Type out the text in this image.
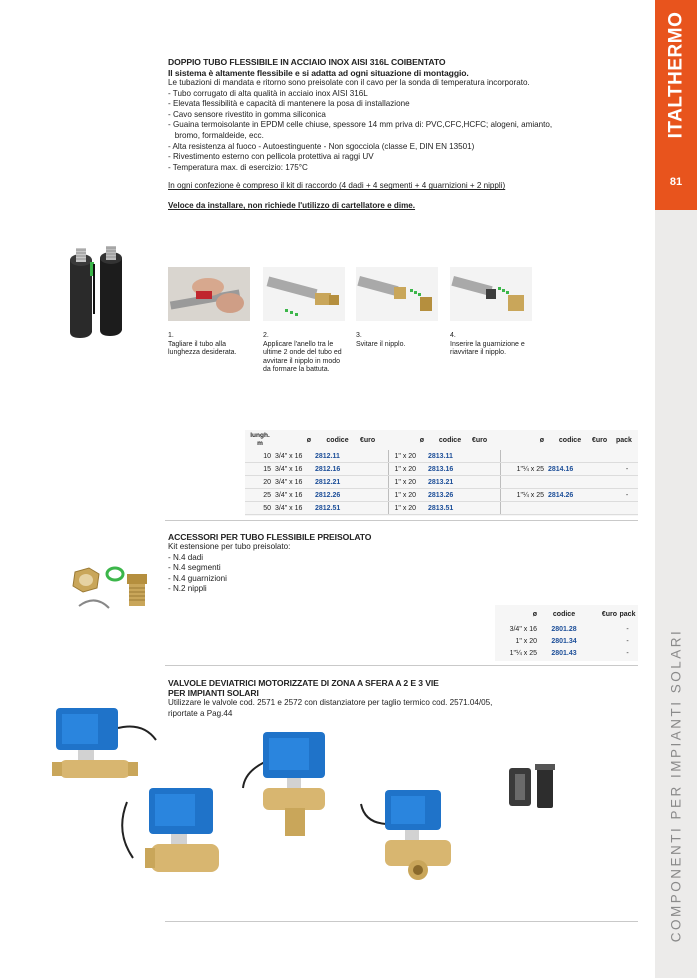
ITALTHERMO
81
COMPONENTI PER IMPIANTI SOLARI
DOPPIO TUBO FLESSIBILE IN ACCIAIO INOX AISI 316L COIBENTATO
Il sistema è altamente flessibile e si adatta ad ogni situazione di montaggio.
Le tubazioni di mandata e ritorno sono preisolate con il cavo per la sonda di temperatura incorporato.
- Tubo corrugato di alta qualità in acciaio inox AISI 316L
- Elevata flessibilità e capacità di mantenere la posa di installazione
- Cavo sensore rivestito in gomma siliconica
- Guaina termoisolante in EPDM celle chiuse, spessore 14 mm priva di: PVC,CFC,HCFC; alogeni, amianto,
bromo, formaldeide, ecc.
- Alta resistenza al fuoco - Autoestinguente - Non sgocciola (classe E, DIN EN 13501)
- Rivestimento esterno con pellicola protettiva ai raggi UV
- Temperatura max. di esercizio: 175°C
In ogni confezione è compreso il kit di raccordo (4 dadi + 4 segmenti + 4 guarnizioni + 2 nippli)
Veloce da installare, non richiede l'utilizzo di cartellatore e dime.
1.
Tagliare il tubo alla lunghezza desiderata.
2.
Applicare l'anello tra le ultime 2 onde del tubo ed avvitare il nipplo in modo da formare la battuta.
3.
Svitare il nipplo.
4.
Inserire la guarnizione e riavvitare il nipplo.
lungh.
m	ø	codice	€uro	ø	codice	€uro	ø	codice	€uro	pack
10	3/4" x 16	2812.11		1" x 20	2813.11					
15	3/4" x 16	2812.16		1" x 20	2813.16		1"¼ x 25	2814.16		-
20	3/4" x 16	2812.21		1" x 20	2813.21					
25	3/4" x 16	2812.26		1" x 20	2813.26		1"¼ x 25	2814.26		-
50	3/4" x 16	2812.51		1" x 20	2813.51					
ACCESSORI PER TUBO FLESSIBILE PREISOLATO
Kit estensione per tubo preisolato:
- N.4 dadi
- N.4 segmenti
- N.4 guarnizioni
- N.2 nippli
ø	codice	€uro	pack
3/4" x 16	2801.28		-
1" x 20	2801.34		-
1"¼ x 25	2801.43		-
VALVOLE DEVIATRICI MOTORIZZATE DI ZONA A SFERA A 2 E 3 VIE
PER IMPIANTI SOLARI
Utilizzare le valvole cod. 2571 e 2572 con distanziatore per taglio termico cod. 2571.04/05,
riportate a Pag.44
